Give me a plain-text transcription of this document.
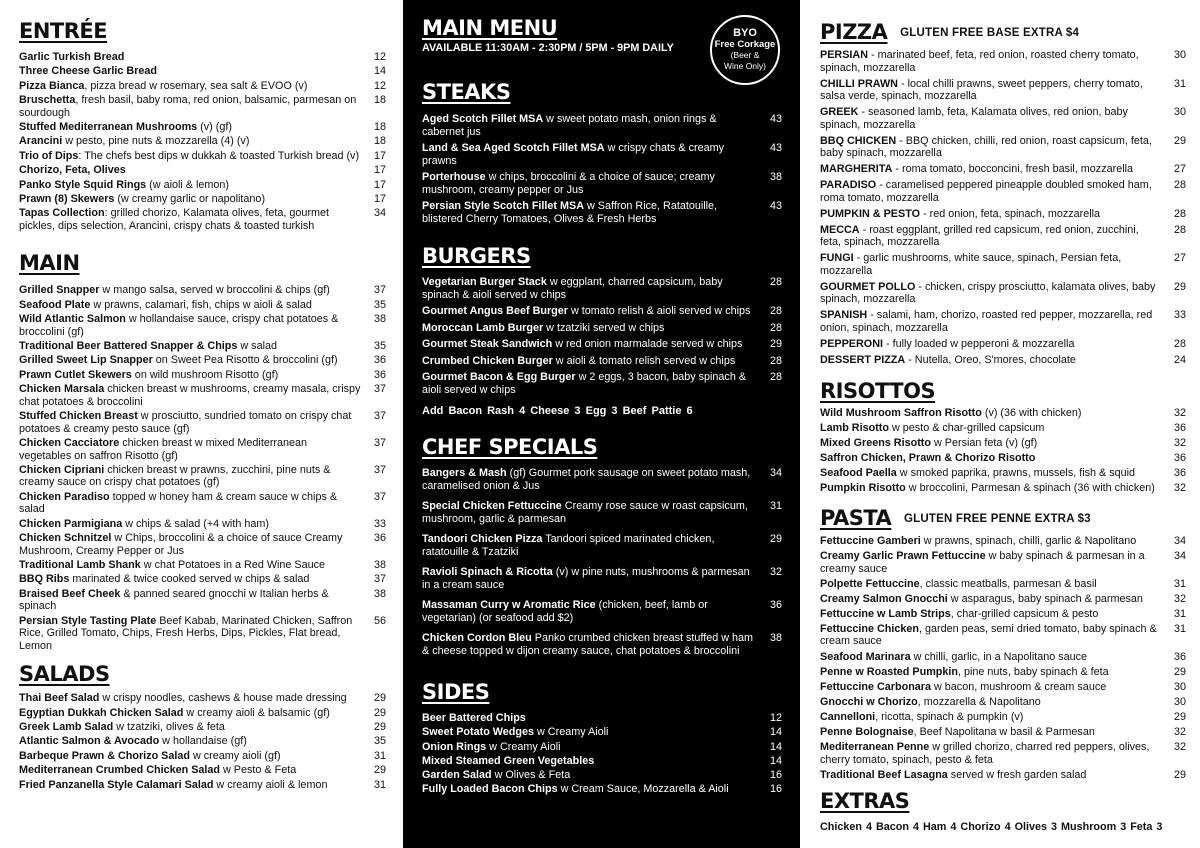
ENTRÉE
Garlic Turkish Bread	12
Three Cheese Garlic Bread	14
Pizza Bianca, pizza bread w rosemary, sea salt & EVOO (v)	12
Bruschetta, fresh basil, baby roma, red onion, balsamic, parmesan on sourdough
18
Stuffed Mediterranean Mushrooms (v) (gf)	18
Arancini w pesto, pine nuts & mozzarella (4) (v)	18
Trio of Dips: The chefs best dips w dukkah & toasted Turkish bread (v)	17
Chorizo, Feta, Olives	17
Panko Style Squid Rings (w aioli & lemon)	17
Prawn (8) Skewers (w creamy garlic or napolitano)	17
Tapas Collection: grilled chorizo, Kalamata olives, feta, gourmet pickles, dips selection, Arancini, crispy chats & toasted turkish
34
MAIN
Grilled Snapper w mango salsa, served w broccolini & chips (gf)	37
Seafood Plate w prawns, calamari, fish, chips w aioli & salad	35
Wild Atlantic Salmon w hollandaise sauce, crispy chat potatoes & broccolini (gf)
38
Traditional Beer Battered Snapper & Chips w salad	35
Grilled Sweet Lip Snapper on Sweet Pea Risotto & broccolini (gf)	36
Prawn Cutlet Skewers on wild mushroom Risotto (gf)	36
Chicken Marsala chicken breast w mushrooms, creamy masala, crispy chat potatoes & broccolini
37
Stuffed Chicken Breast w prosciutto, sundried tomato on crispy chat potatoes & creamy pesto sauce (gf)
37
Chicken Cacciatore chicken breast w mixed Mediterranean vegetables on saffron Risotto (gf)
37
Chicken Cipriani chicken breast w prawns, zucchini, pine nuts & creamy sauce on crispy chat potatoes (gf)
37
Chicken Paradiso topped w honey ham & cream sauce w chips & salad
37
Chicken Parmigiana w chips & salad (+4 with ham)	33
Chicken Schnitzel w Chips, broccolini & a choice of sauce Creamy Mushroom, Creamy Pepper or Jus
36
Traditional Lamb Shank w chat Potatoes in a Red Wine Sauce	38
BBQ Ribs marinated & twice cooked served w chips & salad	37
Braised Beef Cheek & panned seared gnocchi w Italian herbs & spinach
38
Persian Style Tasting Plate Beef Kabab, Marinated Chicken, Saffron Rice, Grilled Tomato, Chips, Fresh Herbs, Dips, Pickles, Flat bread, Lemon
56
SALADS
Thai Beef Salad w crispy noodles, cashews & house made dressing	29
Egyptian Dukkah Chicken Salad w creamy aioli & balsamic (gf)	29
Greek Lamb Salad w tzatziki, olives & feta	29
Atlantic Salmon & Avocado w hollandaise (gf)	35
Barbeque Prawn & Chorizo Salad w creamy aioli (gf)	31
Mediterranean Crumbed Chicken Salad w Pesto & Feta	29
Fried Panzanella Style Calamari Salad w creamy aioli & lemon	31
MAIN MENU
AVAILABLE 11:30AM - 2:30PM / 5PM - 9PM DAILY
BYO
Free Corkage
(Beer &
Wine Only)
STEAKS
Aged Scotch Fillet MSA w sweet potato mash, onion rings & cabernet jus
43
Land & Sea Aged Scotch Fillet MSA w crispy chats & creamy prawns
43
Porterhouse w chips, broccolini & a choice of sauce; creamy mushroom, creamy pepper or Jus
38
Persian Style Scotch Fillet MSA w Saffron Rice, Ratatouille, blistered Cherry Tomatoes, Olives & Fresh Herbs
43
BURGERS
Vegetarian Burger Stack w eggplant, charred capsicum, baby spinach & aioli served w chips
28
Gourmet Angus Beef Burger w tomato relish & aioli served w chips	28
Moroccan Lamb Burger w tzatziki served w chips	28
Gourmet Steak Sandwich w red onion marmalade served w chips	29
Crumbed Chicken Burger w aioli & tomato relish served w chips	28
Gourmet Bacon & Egg Burger w 2 eggs, 3 bacon, baby spinach & aioli served w chips
28
Add Bacon Rash 4 Cheese 3 Egg 3 Beef Pattie 6
CHEF SPECIALS
Bangers & Mash (gf) Gourmet pork sausage on sweet potato mash, caramelised onion & Jus
34
Special Chicken Fettuccine Creamy rose sauce w roast capsicum, mushroom, garlic & parmesan
31
Tandoori Chicken Pizza Tandoori spiced marinated chicken, ratatouille & Tzatziki
29
Ravioli Spinach & Ricotta (v) w pine nuts, mushrooms & parmesan in a cream sauce
32
Massaman Curry w Aromatic Rice (chicken, beef, lamb or vegetarian) (or seafood add $2)
36
Chicken Cordon Bleu Panko crumbed chicken breast stuffed w ham & cheese topped w dijon creamy sauce, chat potatoes & broccolini
38
SIDES
Beer Battered Chips	12
Sweet Potato Wedges w Creamy Aioli	14
Onion Rings w Creamy Aioli	14
Mixed Steamed Green Vegetables	14
Garden Salad w Olives & Feta	16
Fully Loaded Bacon Chips w Cream Sauce, Mozzarella & Aioli	16
PIZZA GLUTEN FREE BASE EXTRA $4
PERSIAN - marinated beef, feta, red onion, roasted cherry tomato, spinach, mozzarella
30
CHILLI PRAWN - local chilli prawns, sweet peppers, cherry tomato, salsa verde, spinach, mozzarella
31
GREEK - seasoned lamb, feta, Kalamata olives, red onion, baby spinach, mozzarella
30
BBQ CHICKEN - BBQ chicken, chilli, red onion, roast capsicum, feta, baby spinach, mozzarella
29
MARGHERITA - roma tomato, bocconcini, fresh basil, mozzarella	27
PARADISO - caramelised peppered pineapple doubled smoked ham, roma tomato, mozzarella
28
PUMPKIN & PESTO - red onion, feta, spinach, mozzarella	28
MECCA - roast eggplant, grilled red capsicum, red onion, zucchini, feta, spinach, mozzarella
28
FUNGI - garlic mushrooms, white sauce, spinach, Persian feta, mozzarella
27
GOURMET POLLO - chicken, crispy prosciutto, kalamata olives, baby spinach, mozzarella
29
SPANISH - salami, ham, chorizo, roasted red pepper, mozzarella, red onion, spinach, mozzarella
33
PEPPERONI - fully loaded w pepperoni & mozzarella	28
DESSERT PIZZA - Nutella, Oreo, S'mores, chocolate	24
RISOTTOS
Wild Mushroom Saffron Risotto (v) (36 with chicken)	32
Lamb Risotto w pesto & char-grilled capsicum	36
Mixed Greens Risotto w Persian feta (v) (gf)	32
Saffron Chicken, Prawn & Chorizo Risotto	36
Seafood Paella w smoked paprika, prawns, mussels, fish & squid	36
Pumpkin Risotto w broccolini, Parmesan & spinach (36 with chicken)	32
PASTA GLUTEN FREE PENNE EXTRA $3
Fettuccine Gamberi w prawns, spinach, chilli, garlic & Napolitano	34
Creamy Garlic Prawn Fettuccine w baby spinach & parmesan in a creamy sauce
34
Polpette Fettuccine, classic meatballs, parmesan & basil	31
Creamy Salmon Gnocchi w asparagus, baby spinach & parmesan	32
Fettuccine w Lamb Strips, char-grilled capsicum & pesto	31
Fettuccine Chicken, garden peas, semi dried tomato, baby spinach & cream sauce
31
Seafood Marinara w chilli, garlic, in a Napolitano sauce	36
Penne w Roasted Pumpkin, pine nuts, baby spinach & feta	29
Fettuccine Carbonara w bacon, mushroom & cream sauce	30
Gnocchi w Chorizo, mozzarella & Napolitano	30
Cannelloni, ricotta, spinach & pumpkin (v)	29
Penne Bolognaise, Beef Napolitana w basil & Parmesan	32
Mediterranean Penne w grilled chorizo, charred red peppers, olives, cherry tomato, spinach, pesto & feta
32
Traditional Beef Lasagna served w fresh garden salad	29
EXTRAS
Chicken 4 Bacon 4 Ham 4 Chorizo 4 Olives 3 Mushroom 3 Feta 3
